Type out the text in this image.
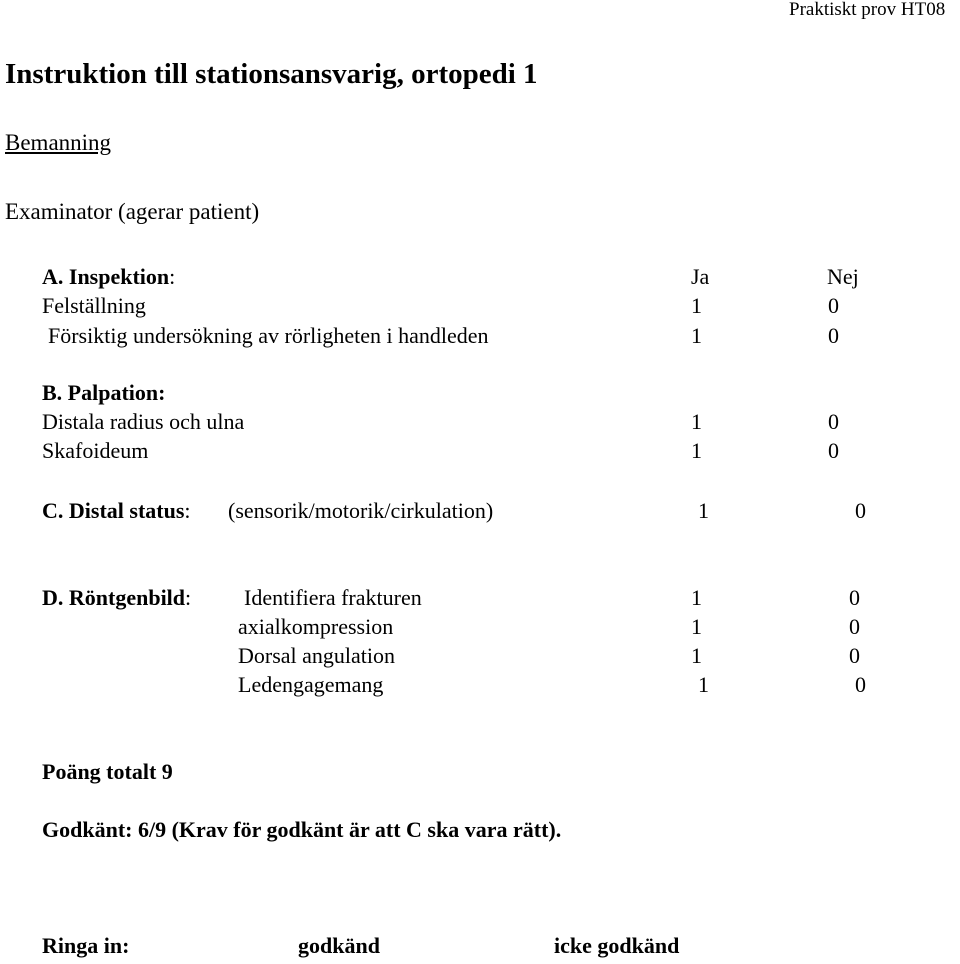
Praktiskt prov HT08
Instruktion till stationsansvarig, ortopedi 1
Bemanning
Examinator (agerar patient)
A. Inspektion:	Ja	Nej
Felställning	1	0
Försiktig undersökning av rörligheten i handleden	1	0
B. Palpation:
Distala radius och ulna	1	0
Skafoideum	1	0
C. Distal status: (sensorik/motorik/cirkulation)	1	0
D. Röntgenbild: Identifiera frakturen	1	0
axialkompression	1	0
Dorsal angulation	1	0
Ledengagemang	1	0
Poäng totalt 9
Godkänt: 6/9 (Krav för godkänt är att C ska vara rätt).
Ringa in:	godkänd	icke godkänd
